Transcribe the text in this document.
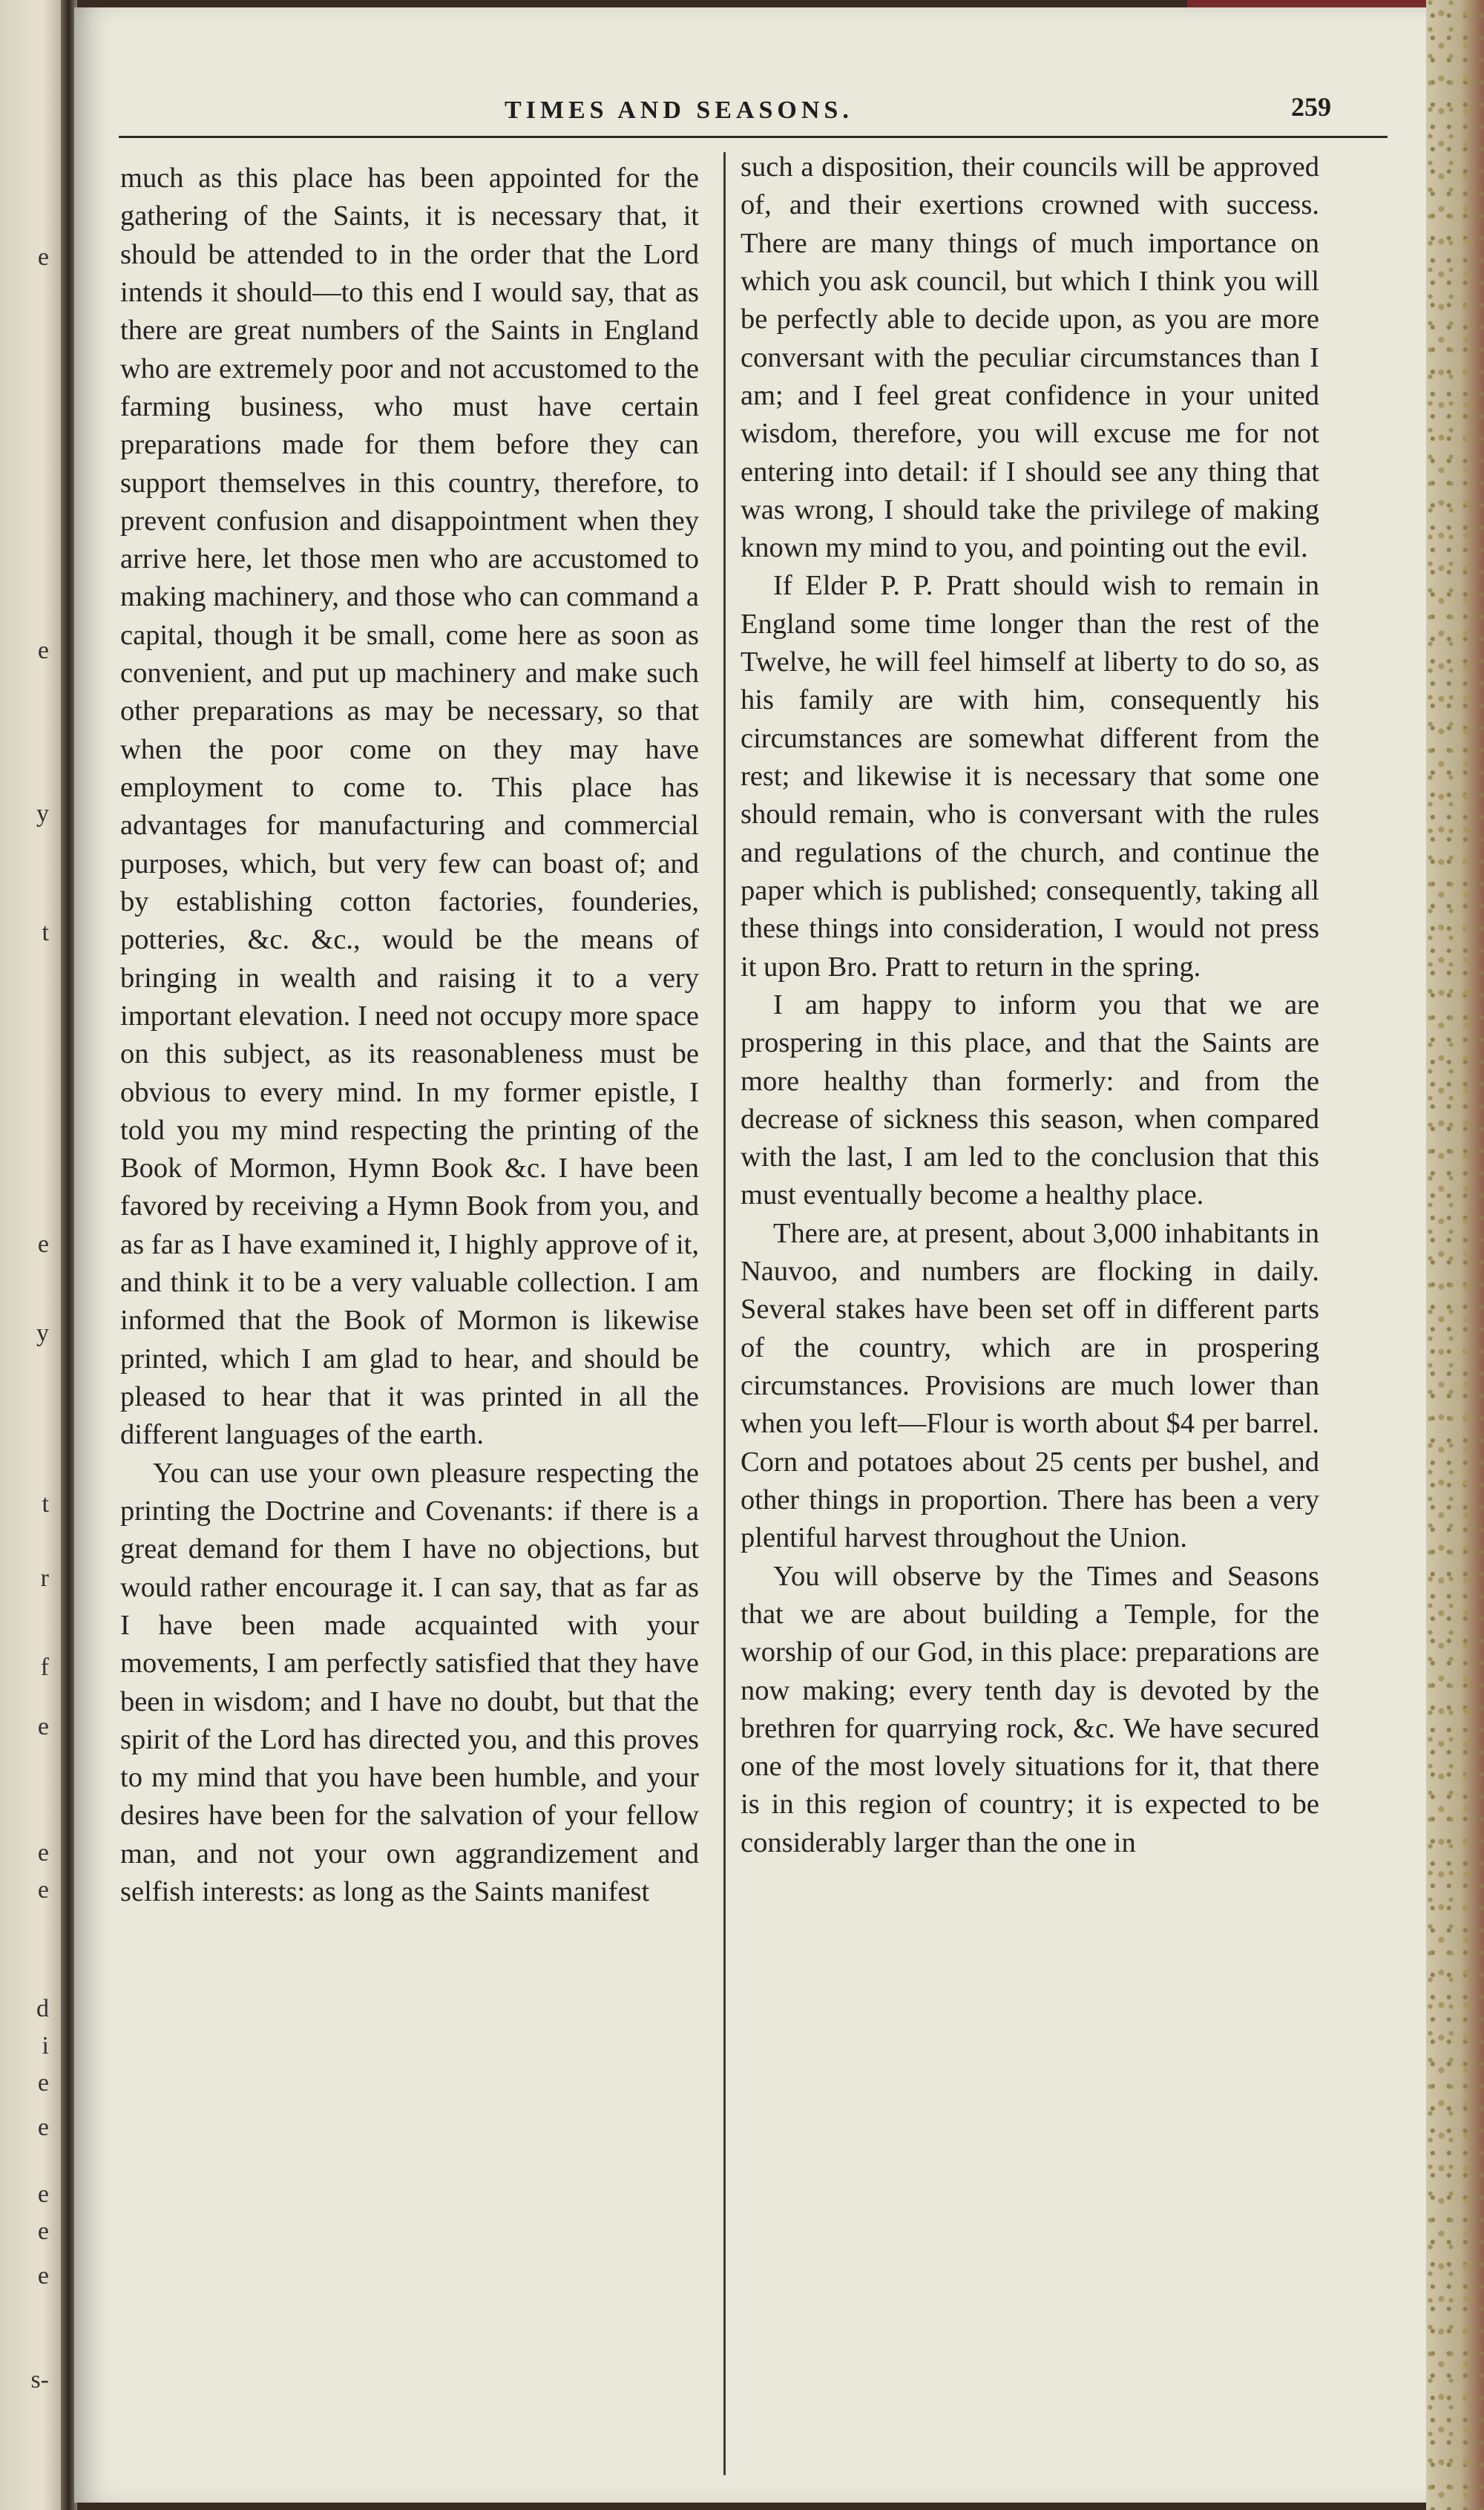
e
e
y
t
e
y
t
r
f
e
e
e
d
i
e
e
e
e
e
s-
TIMES AND SEASONS.	259

much as this place has been appointed for the gathering of the Saints, it is necessary that, it should be attended to in the order that the Lord intends it should—to this end I would say, that as there are great numbers of the Saints in England who are extremely poor and not accustomed to the farming business, who must have certain preparations made for them before they can support themselves in this country, therefore, to prevent confusion and disappointment when they arrive here, let those men who are accustomed to making machinery, and those who can command a capital, though it be small, come here as soon as convenient, and put up machinery and make such other preparations as may be necessary, so that when the poor come on they may have employment to come to. This place has advantages for manufacturing and commercial purposes, which, but very few can boast of; and by establishing cotton factories, founderies, potteries, &c. &c., would be the means of bringing in wealth and raising it to a very important elevation. I need not occupy more space on this subject, as its reasonableness must be obvious to every mind. In my former epistle, I told you my mind respecting the printing of the Book of Mormon, Hymn Book &c. I have been favored by receiving a Hymn Book from you, and as far as I have examined it, I highly approve of it, and think it to be a very valuable collection. I am informed that the Book of Mormon is likewise printed, which I am glad to hear, and should be pleased to hear that it was printed in all the different languages of the earth.

You can use your own pleasure respecting the printing the Doctrine and Covenants: if there is a great demand for them I have no objections, but would rather encourage it. I can say, that as far as I have been made acquainted with your movements, I am perfectly satisfied that they have been in wisdom; and I have no doubt, but that the spirit of the Lord has directed you, and this proves to my mind that you have been humble, and your desires have been for the salvation of your fellow man, and not your own aggrandizement and selfish interests: as long as the Saints manifest

such a disposition, their councils will be approved of, and their exertions crowned with success. There are many things of much importance on which you ask council, but which I think you will be perfectly able to decide upon, as you are more conversant with the peculiar circumstances than I am; and I feel great confidence in your united wisdom, therefore, you will excuse me for not entering into detail: if I should see any thing that was wrong, I should take the privilege of making known my mind to you, and pointing out the evil.

If Elder P. P. Pratt should wish to remain in England some time longer than the rest of the Twelve, he will feel himself at liberty to do so, as his family are with him, consequently his circumstances are somewhat different from the rest; and likewise it is necessary that some one should remain, who is conversant with the rules and regulations of the church, and continue the paper which is published; consequently, taking all these things into consideration, I would not press it upon Bro. Pratt to return in the spring.

I am happy to inform you that we are prospering in this place, and that the Saints are more healthy than formerly: and from the decrease of sickness this season, when compared with the last, I am led to the conclusion that this must eventually become a healthy place.

There are, at present, about 3,000 inhabitants in Nauvoo, and numbers are flocking in daily. Several stakes have been set off in different parts of the country, which are in prospering circumstances. Provisions are much lower than when you left—Flour is worth about $4 per barrel. Corn and potatoes about 25 cents per bushel, and other things in proportion. There has been a very plentiful harvest throughout the Union.

You will observe by the Times and Seasons that we are about building a Temple, for the worship of our God, in this place: preparations are now making; every tenth day is devoted by the brethren for quarrying rock, &c. We have secured one of the most lovely situations for it, that there is in this region of country; it is expected to be considerably larger than the one in
